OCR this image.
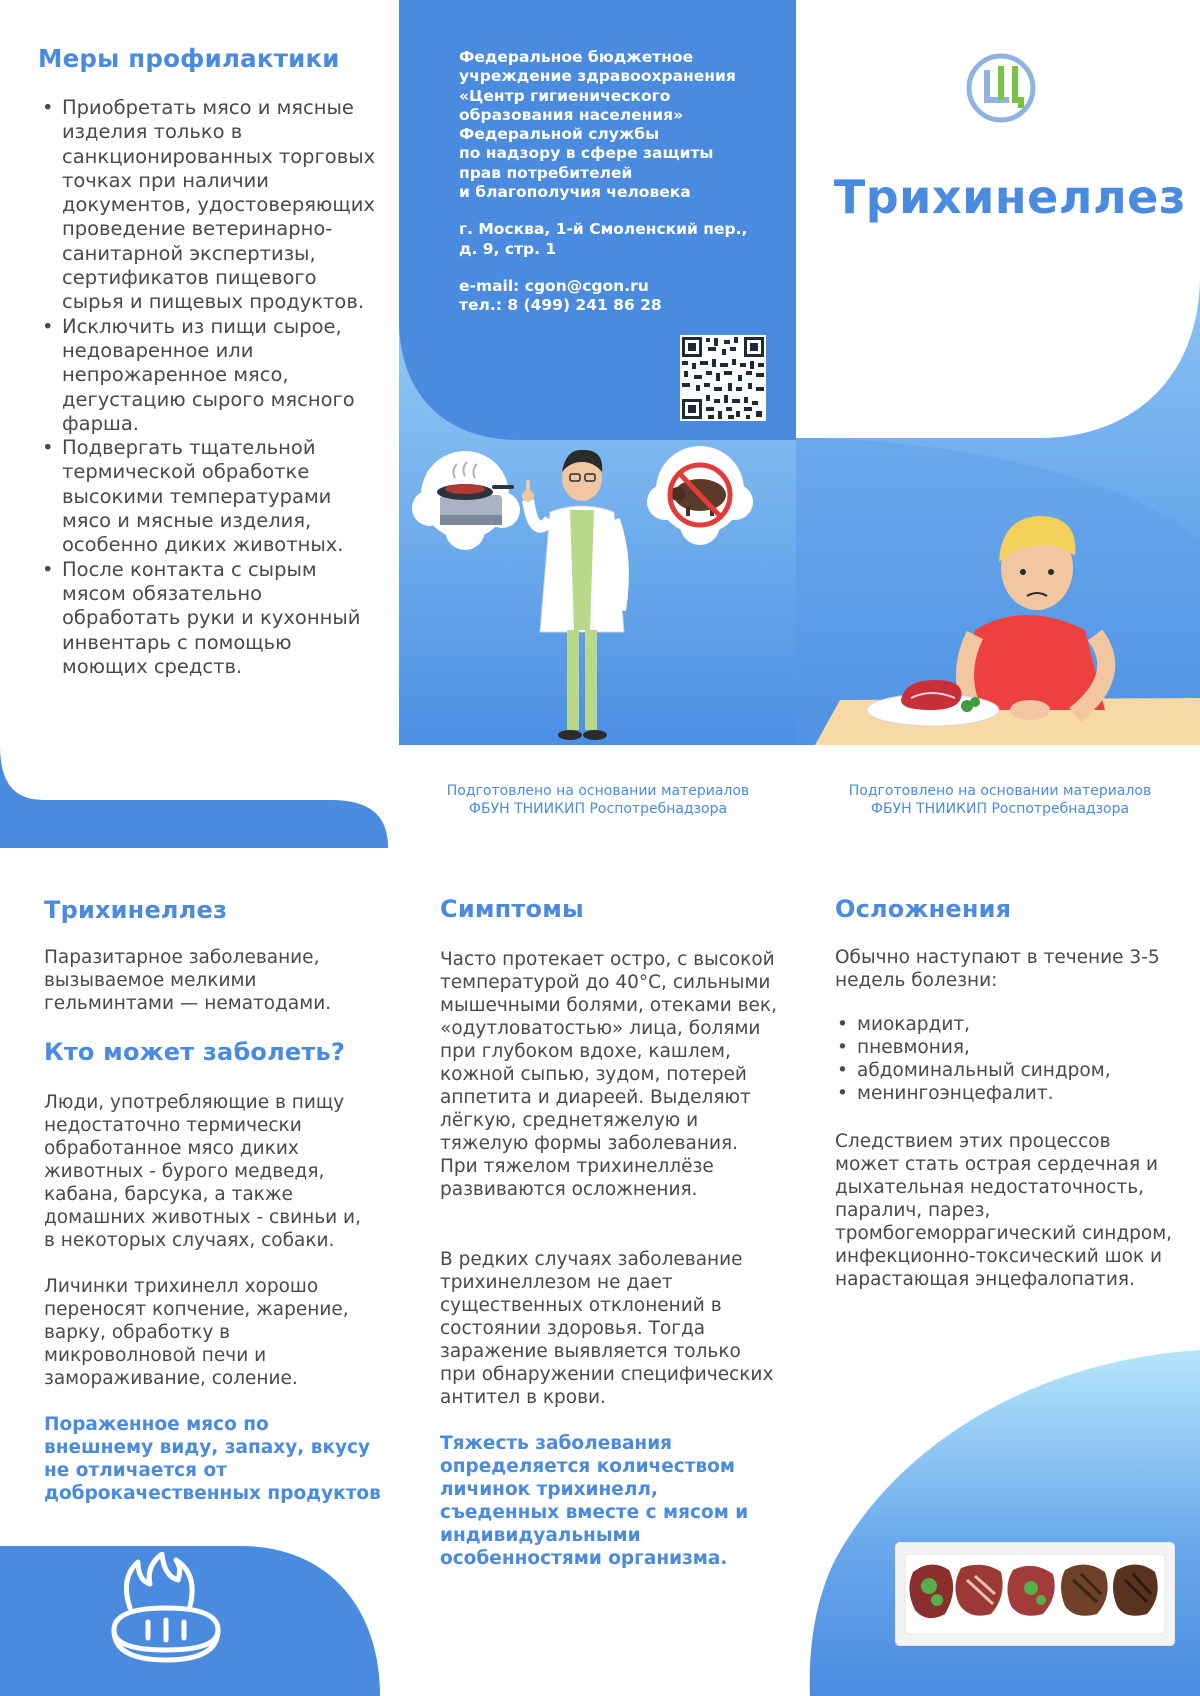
Меры профилактики
• Приобретать мясо и мясные изделия только в санкционированных торговых точках при наличии документов, удостоверяющих проведение ветеринарно-санитарной экспертизы, сертификатов пищевого сырья и пищевых продуктов.
• Исключить из пищи сырое, недоваренное или непрожаренное мясо, дегустацию сырого мясного фарша.
• Подвергать тщательной термической обработке высокими температурами мясо и мясные изделия, особенно диких животных.
• После контакта с сырым мясом обязательно обработать руки и кухонный инвентарь с помощью моющих средств.
Федеральное бюджетное
учреждение здравоохранения
«Центр гигиенического
образования населения»
Федеральной службы
по надзору в сфере защиты
прав потребителей
и благополучия человека
г. Москва, 1-й Смоленский пер.,
д. 9, стр. 1
e-mail: cgon@cgon.ru
тел.: 8 (499) 241 86 28
Трихинеллез
Подготовлено на основании материалов
ФБУН ТНИИКИП Роспотребнадзора
Подготовлено на основании материалов
ФБУН ТНИИКИП Роспотребнадзора
Трихинеллез
Паразитарное заболевание, вызываемое мелкими гельминтами — нематодами.
Кто может заболеть?
Люди, употребляющие в пищу недостаточно термически обработанное мясо диких животных - бурого медведя, кабана, барсука, а также домашних животных - свиньи и, в некоторых случаях, собаки.
Личинки трихинелл хорошо переносят копчение, жарение, варку, обработку в микроволновой печи и замораживание, соление.
Пораженное мясо по внешнему виду, запаху, вкусу не отличается от доброкачественных продуктов
Симптомы
Часто протекает остро, с высокой температурой до 40°С, сильными мышечными болями, отеками век, «одутловатостью» лица, болями при глубоком вдохе, кашлем, кожной сыпью, зудом, потерей аппетита и диареей. Выделяют лёгкую, среднетяжелую и тяжелую формы заболевания. При тяжелом трихинеллёзе развиваются осложнения.
В редких случаях заболевание трихинеллезом не дает существенных отклонений в состоянии здоровья. Тогда заражение выявляется только при обнаружении специфических антител в крови.
Тяжесть заболевания определяется количеством личинок трихинелл, съеденных вместе с мясом и индивидуальными особенностями организма.
Осложнения
Обычно наступают в течение 3-5 недель болезни:
• миокардит,
• пневмония,
• абдоминальный синдром,
• менингоэнцефалит.
Следствием этих процессов может стать острая сердечная и дыхательная недостаточность, паралич, парез, тромбогеморрагический синдром, инфекционно-токсический шок и нарастающая энцефалопатия.
